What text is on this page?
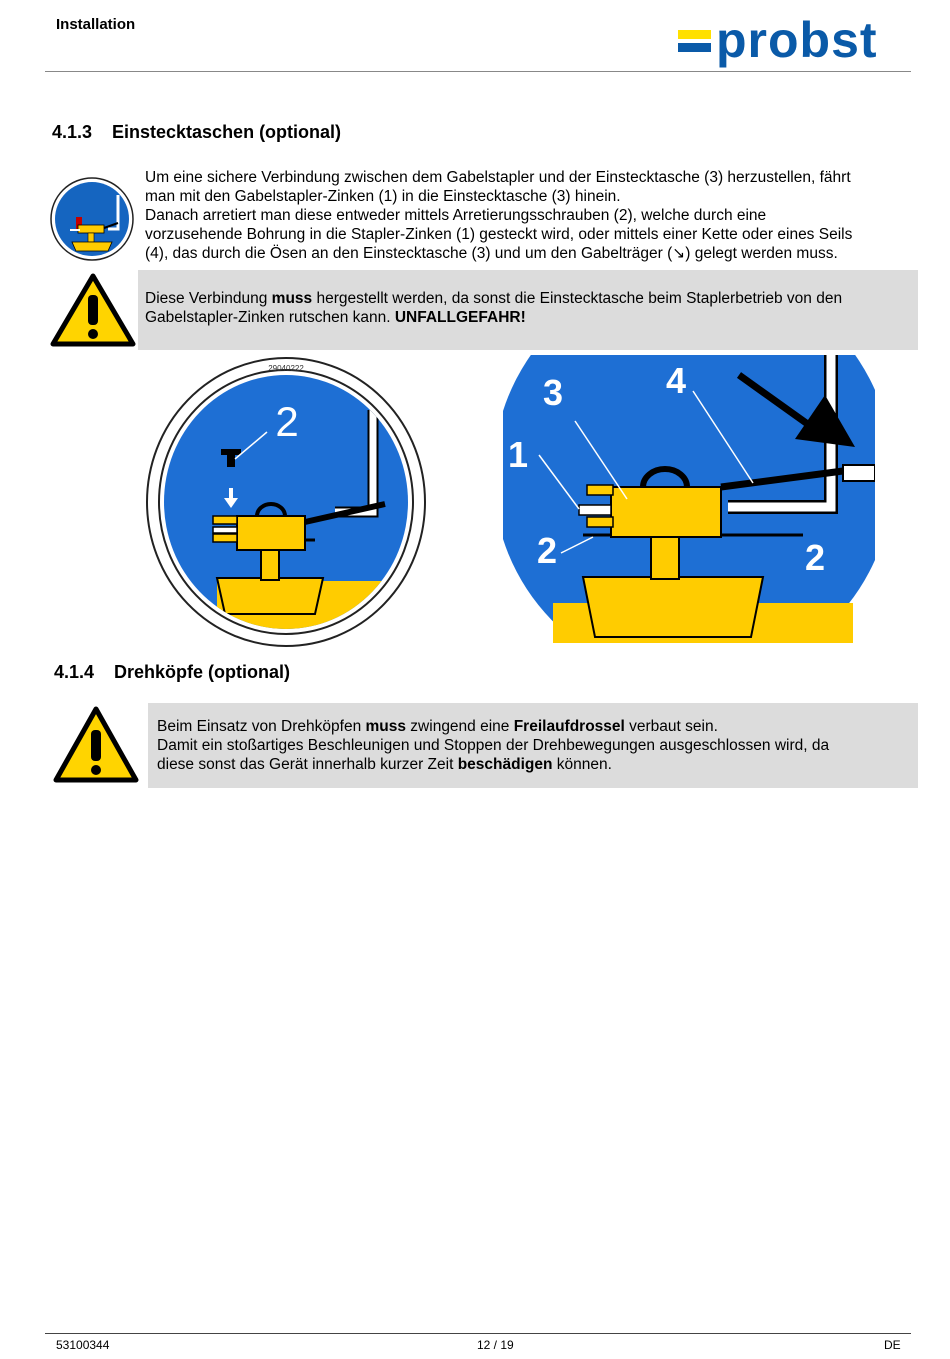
Installation	probst
4.1.3 Einstecktaschen (optional)
Um eine sichere Verbindung zwischen dem Gabelstapler und der Einstecktasche (3) herzustellen, fährt
man mit den Gabelstapler-Zinken (1) in die Einstecktasche (3) hinein.
Danach arretiert man diese entweder mittels Arretierungsschrauben (2), welche durch eine
vorzusehende Bohrung in die Stapler-Zinken (1) gesteckt wird, oder mittels einer Kette oder eines Seils
(4), das durch die Ösen an den Einstecktasche (3) und um den Gabelträger (↘) gelegt werden muss.
Diese Verbindung muss hergestellt werden, da sonst die Einstecktasche beim Staplerbetrieb von den
Gabelstapler-Zinken rutschen kann. UNFALLGEFAHR!
29040222
2
3	4
1
2	2
4.1.4 Drehköpfe (optional)
Beim Einsatz von Drehköpfen muss zwingend eine Freilaufdrossel verbaut sein.
Damit ein stoßartiges Beschleunigen und Stoppen der Drehbewegungen ausgeschlossen wird, da
diese sonst das Gerät innerhalb kurzer Zeit beschädigen können.
53100344	12 / 19	DE
